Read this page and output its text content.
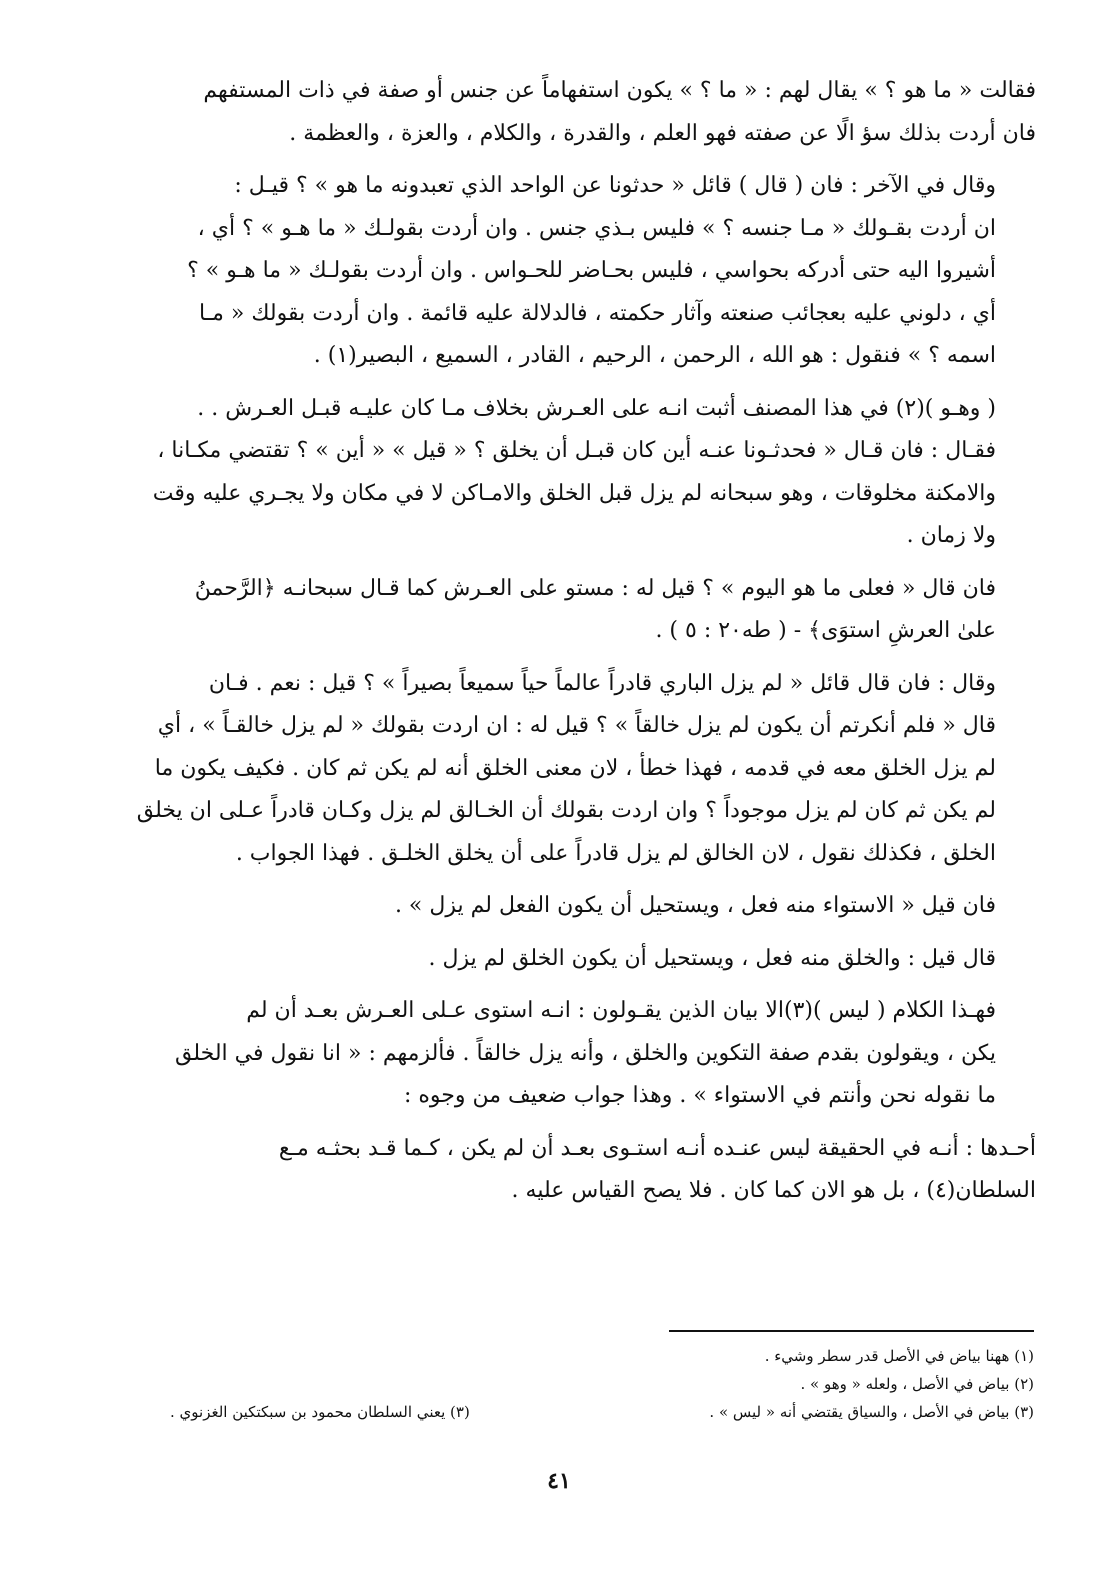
فقالت « ما هو ؟ » يقال لهم : « ما ؟ » يكون استفهاماً عن جنس أو صفة في ذات المستفهم
فان أردت بذلك سؤ الًا عن صفته فهو العلم ، والقدرة ، والكلام ، والعزة ، والعظمة .

وقال في الآخر : فان ( قال ) قائل « حدثونا عن الواحد الذي تعبدونه ما هو » ؟ قيـل :
ان أردت بقـولك « مـا جنسه ؟ » فليس بـذي جنس . وان أردت بقولـك « ما هـو » ؟ أي ،
أشيروا اليه حتى أدركه بحواسي ، فليس بحـاضر للحـواس . وان أردت بقولـك « ما هـو » ؟
أي ، دلوني عليه بعجائب صنعته وآثار حكمته ، فالدلالة عليه قائمة . وان أردت بقولك « مـا
اسمه ؟ » فنقول : هو الله ، الرحمن ، الرحيم ، القادر ، السميع ، البصير(١) .

( وهـو )(٢) في هذا المصنف أثبت انـه على العـرش بخلاف مـا كان عليـه قبـل العـرش . .
فقـال : فان قـال « فحدثـونا عنـه أين كان قبـل أن يخلق ؟ « قيل » « أين » ؟ تقتضي مكـانا ،
والامكنة مخلوقات ، وهو سبحانه لم يزل قبل الخلق والامـاكن لا في مكان ولا يجـري عليه وقت
ولا زمان .

فان قال « فعلى ما هو اليوم » ؟ قيل له : مستو على العـرش كما قـال سبحانـه ﴿الرَّحمنُ
علىٰ العرشِ استوَى﴾ - ( طه٢٠ : ٥ ) .

وقال : فان قال قائل « لم يزل الباري قادراً عالماً حياً سميعاً بصيراً » ؟ قيل : نعم . فـان
قال « فلم أنكرتم أن يكون لم يزل خالقاً » ؟ قيل له : ان اردت بقولك « لم يزل خالقـاً » ، أي
لم يزل الخلق معه في قدمه ، فهذا خطأ ، لان معنى الخلق أنه لم يكن ثم كان . فكيف يكون ما
لم يكن ثم كان لم يزل موجوداً ؟ وان اردت بقولك أن الخـالق لم يزل وكـان قادراً عـلى ان يخلق
الخلق ، فكذلك نقول ، لان الخالق لم يزل قادراً على أن يخلق الخلـق . فهذا الجواب .

فان قيل « الاستواء منه فعل ، ويستحيل أن يكون الفعل لم يزل » .

قال قيل : والخلق منه فعل ، ويستحيل أن يكون الخلق لم يزل .

فهـذا الكلام ( ليس )(٣)الا بيان الذين يقـولون : انـه استوى عـلى العـرش بعـد أن لم
يكن ، ويقولون بقدم صفة التكوين والخلق ، وأنه يزل خالقاً . فألزمهم : « انا نقول في الخلق
ما نقوله نحن وأنتم في الاستواء » . وهذا جواب ضعيف من وجوه :

أحـدها : أنـه في الحقيقة ليس عنـده أنـه استـوى بعـد أن لم يكن ، كـما قـد بحثـه مـع
السلطان(٤) ، بل هو الان كما كان . فلا يصح القياس عليه .

(١) ههنا بياض في الأصل قدر سطر وشيء .
(٢) بياض في الأصل ، ولعله « وهو » .
(٣) بياض في الأصل ، والسياق يقتضي أنه « ليس » .
(٣) يعني السلطان محمود بن سبكتكين الغزنوي .
٤١
